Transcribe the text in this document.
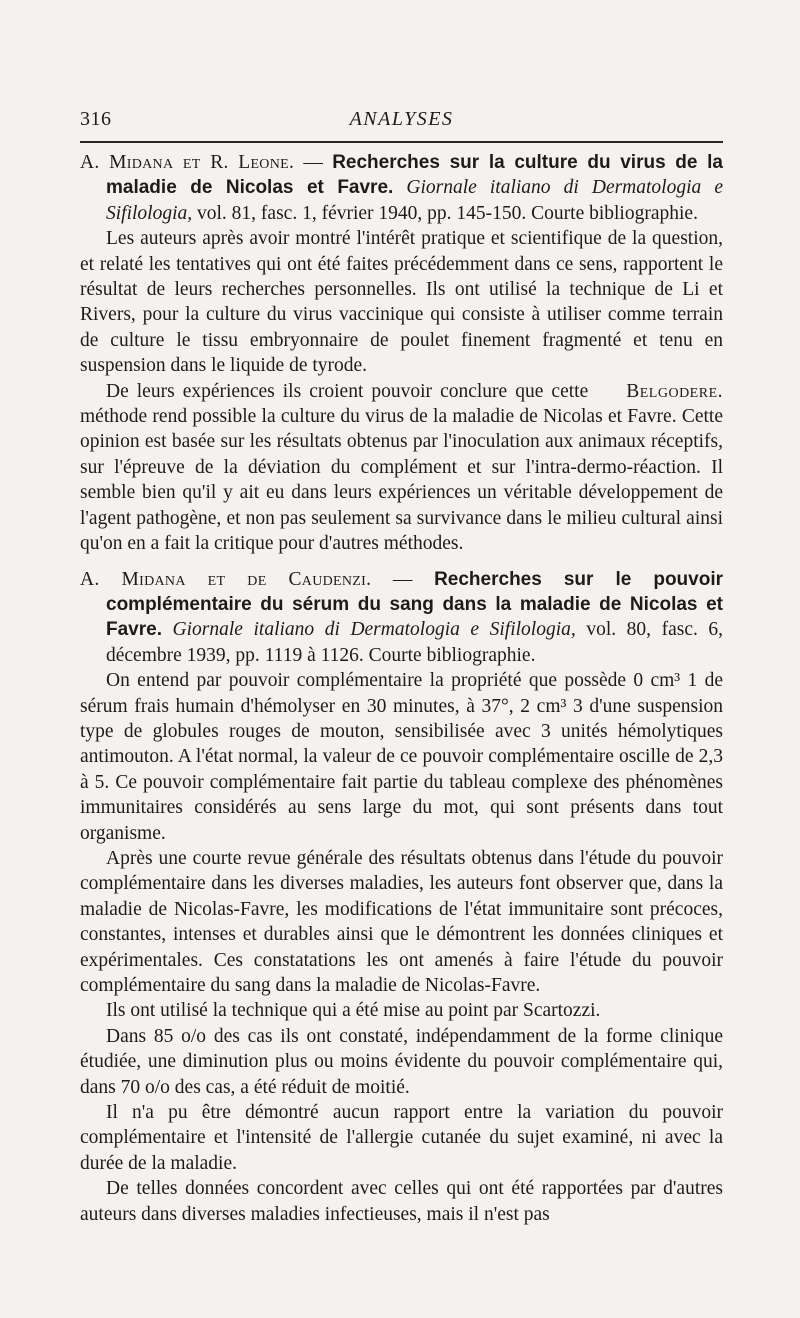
316	ANALYSES

A. Midana et R. Leone. — Recherches sur la culture du virus de la maladie de Nicolas et Favre. Giornale italiano di Dermatologia e Sifilologia, vol. 81, fasc. 1, février 1940, pp. 145-150. Courte bibliographie.

Les auteurs après avoir montré l'intérêt pratique et scientifique de la question, et relaté les tentatives qui ont été faites précédemment dans ce sens, rapportent le résultat de leurs recherches personnelles. Ils ont utilisé la technique de Li et Rivers, pour la culture du virus vaccinique qui consiste à utiliser comme terrain de culture le tissu embryonnaire de poulet finement fragmenté et tenu en suspension dans le liquide de tyrode.

Belgodere.
De leurs expériences ils croient pouvoir conclure que cette méthode rend possible la culture du virus de la maladie de Nicolas et Favre. Cette opinion est basée sur les résultats obtenus par l'inoculation aux animaux réceptifs, sur l'épreuve de la déviation du complément et sur l'intra-dermo-réaction. Il semble bien qu'il y ait eu dans leurs expériences un véritable développement de l'agent pathogène, et non pas seulement sa survivance dans le milieu cultural ainsi qu'on en a fait la critique pour d'autres méthodes.

A. Midana et de Caudenzi. — Recherches sur le pouvoir complémentaire du sérum du sang dans la maladie de Nicolas et Favre. Giornale italiano di Dermatologia e Sifilologia, vol. 80, fasc. 6, décembre 1939, pp. 1119 à 1126. Courte bibliographie.

On entend par pouvoir complémentaire la propriété que possède 0 cm³ 1 de sérum frais humain d'hémolyser en 30 minutes, à 37°, 2 cm³ 3 d'une suspension type de globules rouges de mouton, sensibilisée avec 3 unités hémolytiques antimouton. A l'état normal, la valeur de ce pouvoir complémentaire oscille de 2,3 à 5. Ce pouvoir complémentaire fait partie du tableau complexe des phénomènes immunitaires considérés au sens large du mot, qui sont présents dans tout organisme.

Après une courte revue générale des résultats obtenus dans l'étude du pouvoir complémentaire dans les diverses maladies, les auteurs font observer que, dans la maladie de Nicolas-Favre, les modifications de l'état immunitaire sont précoces, constantes, intenses et durables ainsi que le démontrent les données cliniques et expérimentales. Ces constatations les ont amenés à faire l'étude du pouvoir complémentaire du sang dans la maladie de Nicolas-Favre.

Ils ont utilisé la technique qui a été mise au point par Scartozzi.

Dans 85 o/o des cas ils ont constaté, indépendamment de la forme clinique étudiée, une diminution plus ou moins évidente du pouvoir complémentaire qui, dans 70 o/o des cas, a été réduit de moitié.

Il n'a pu être démontré aucun rapport entre la variation du pouvoir complémentaire et l'intensité de l'allergie cutanée du sujet examiné, ni avec la durée de la maladie.

De telles données concordent avec celles qui ont été rapportées par d'autres auteurs dans diverses maladies infectieuses, mais il n'est pas
